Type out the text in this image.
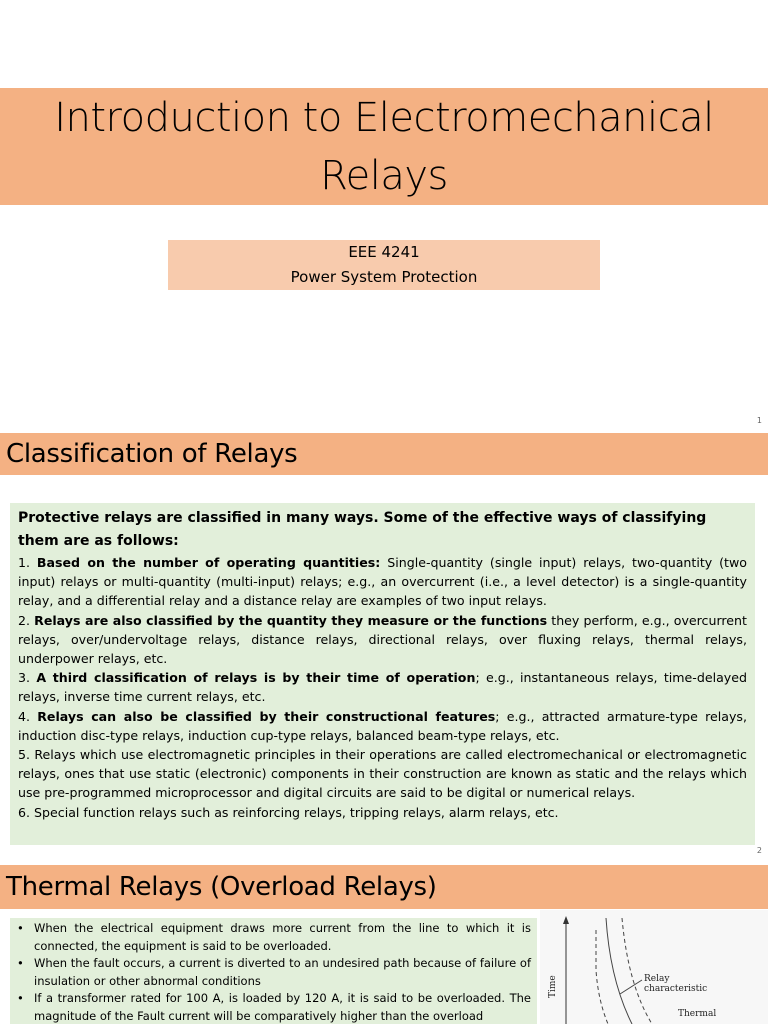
Introduction to Electromechanical
Relays
EEE 4241
Power System Protection
1
Classification of Relays

Protective relays are classified in many ways. Some of the effective ways of classifying them are as follows:

1. Based on the number of operating quantities: Single-quantity (single input) relays, two-quantity (two input) relays or multi-quantity (multi-input) relays; e.g., an overcurrent (i.e., a level detector) is a single-quantity relay, and a differential relay and a distance relay are examples of two input relays.

2. Relays are also classified by the quantity they measure or the functions they perform, e.g., overcurrent relays, over/undervoltage relays, distance relays, directional relays, over fluxing relays, thermal relays, underpower relays, etc.

3. A third classification of relays is by their time of operation; e.g., instantaneous relays, time-delayed relays, inverse time current relays, etc.

4. Relays can also be classified by their constructional features; e.g., attracted armature-type relays, induction disc-type relays, induction cup-type relays, balanced beam-type relays, etc.

5. Relays which use electromagnetic principles in their operations are called electromechanical or electromagnetic relays, ones that use static (electronic) components in their construction are known as static and the relays which use pre-programmed microprocessor and digital circuits are said to be digital or numerical relays.

6. Special function relays such as reinforcing relays, tripping relays, alarm relays, etc.

2
Thermal Relays (Overload Relays)
• When the electrical equipment draws more current from the line to which it is connected, the equipment is said to be overloaded.
• When the fault occurs, a current is diverted to an undesired path because of failure of insulation or other abnormal conditions
• If a transformer rated for 100 A, is loaded by 120 A, it is said to be overloaded. The magnitude of the Fault current will be comparatively higher than the overload
Time	Relay
characteristic
Thermal
